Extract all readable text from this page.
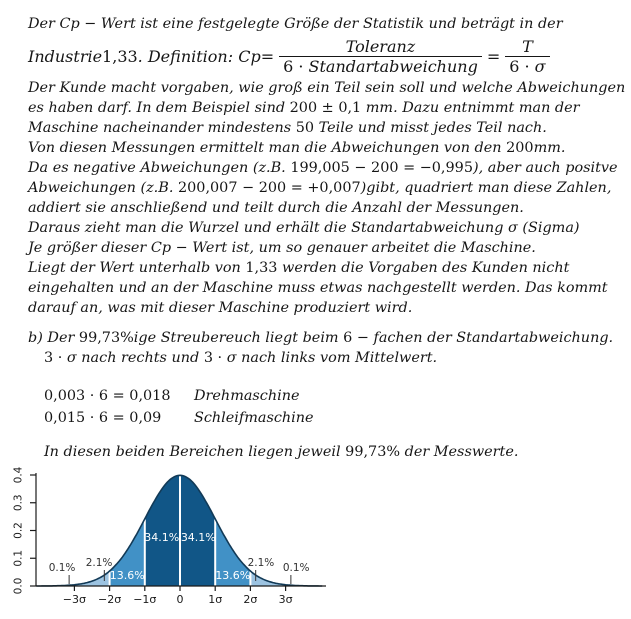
Der Cp − Wert ist eine festgelegte Größe der Statistik und beträgt in der
Industrie 1,33 . Definition: $Cp = \frac{\text{Toleranz}}{\text{6 · Standartabweichung}} = \frac{T}{6 \cdot \sigma}$
Der Kunde macht vorgaben, wie groß ein Teil sein soll und welche Abweichungen
es haben darf. In dem Beispiel sind 200 ± 0,1 mm. Dazu entnimmt man der
Maschine nacheinander mindestens 50 Teile und misst jedes Teil nach.
Von diesen Messungen ermittelt man die Abweichungen von den 200mm.
Da es negative Abweichungen (z.B. 199,005 − 200 = −0,995), aber auch positve
Abweichungen (z.B. 200,007 − 200 = +0,007)gibt, quadriert man diese Zahlen,
addiert sie anschließend und teilt durch die Anzahl der Messungen.
Daraus zieht man die Wurzel und erhält die Standartabweichung σ (Sigma)
Je größer dieser Cp − Wert ist, um so genauer arbeitet die Maschine.
Liegt der Wert unterhalb von 1,33 werden die Vorgaben des Kunden nicht
eingehalten und an der Maschine muss etwas nachgestellt werden. Das kommt
darauf an, was mit dieser Maschine produziert wird.
b) Der 99,73%ige Streubereuch liegt beim 6 − fachen der Standartabweichung.
3 · σ nach rechts und 3 · σ nach links vom Mittelwert.
0,003 · 6 = 0,018 Drehmaschine
0,015 · 6 = 0,09 Schleifmaschine
In diesen beiden Bereichen liegen jeweil 99,73% der Messwerte.
0.0
0.1
0.2
0.3
0.4
−3σ −2σ −1σ 0 1σ 2σ 3σ
0.1% 2.1%
13.6%
34.1% 34.1%
13.6%
2.1% 0.1%
